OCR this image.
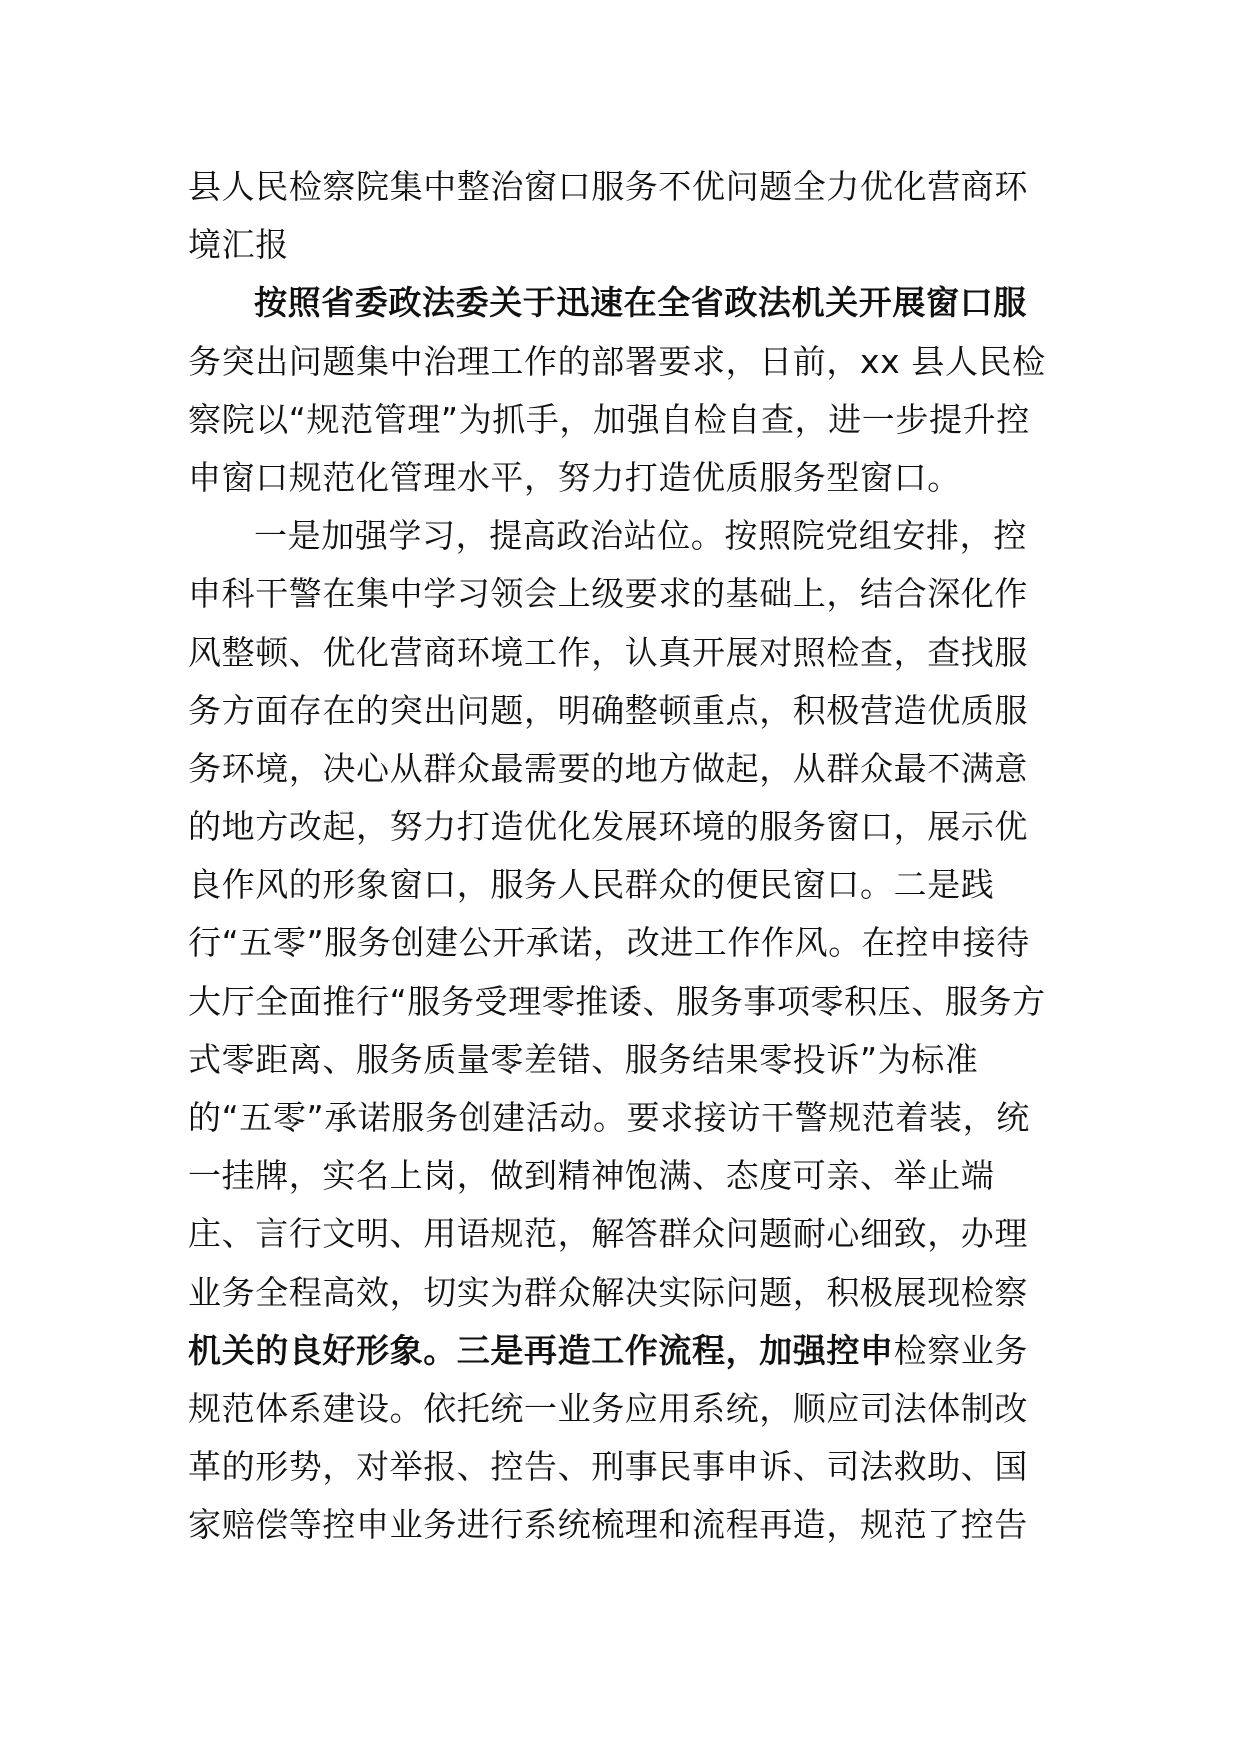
县人民检察院集中整治窗口服务不优问题全力优化营商环
境汇报
按照省委政法委关于迅速在全省政法机关开展窗口服
务突出问题集中治理工作的部署要求，日前，xx 县人民检
察院以“规范管理”为抓手，加强自检自查，进一步提升控
申窗口规范化管理水平，努力打造优质服务型窗口。
一是加强学习，提高政治站位。按照院党组安排，控
申科干警在集中学习领会上级要求的基础上，结合深化作
风整顿、优化营商环境工作，认真开展对照检查，查找服
务方面存在的突出问题，明确整顿重点，积极营造优质服
务环境，决心从群众最需要的地方做起，从群众最不满意
的地方改起，努力打造优化发展环境的服务窗口，展示优
良作风的形象窗口，服务人民群众的便民窗口。二是践
行“五零”服务创建公开承诺，改进工作作风。在控申接待
大厅全面推行“服务受理零推诿、服务事项零积压、服务方
式零距离、服务质量零差错、服务结果零投诉”为标准
的“五零”承诺服务创建活动。要求接访干警规范着装，统
一挂牌，实名上岗，做到精神饱满、态度可亲、举止端
庄、言行文明、用语规范，解答群众问题耐心细致，办理
业务全程高效，切实为群众解决实际问题，积极展现检察
机关的良好形象。三是再造工作流程，加强控申检察业务
规范体系建设。依托统一业务应用系统，顺应司法体制改
革的形势，对举报、控告、刑事民事申诉、司法救助、国
家赔偿等控申业务进行系统梳理和流程再造，规范了控告
